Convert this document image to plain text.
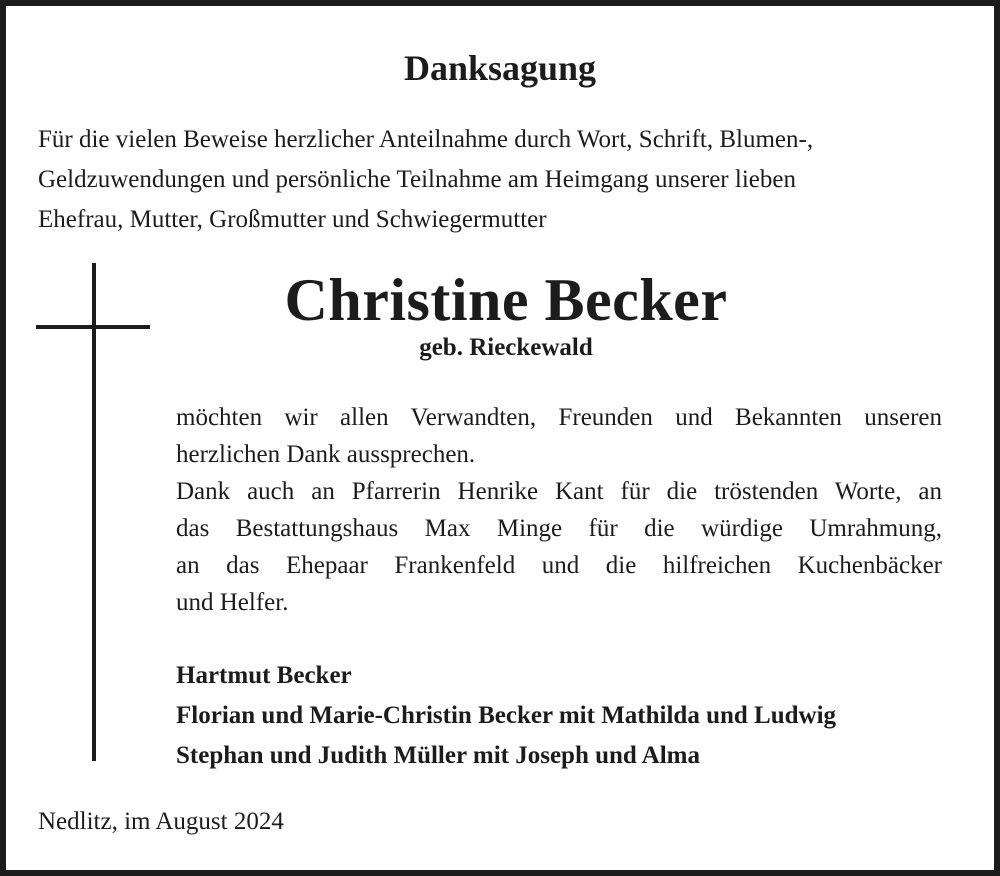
Danksagung
Für die vielen Beweise herzlicher Anteilnahme durch Wort, Schrift, Blumen-,
Geldzuwendungen und persönliche Teilnahme am Heimgang unserer lieben
Ehefrau, Mutter, Großmutter und Schwiegermutter
Christine Becker
geb. Rieckewald
möchten wir allen Verwandten, Freunden und Bekannten unseren
herzlichen Dank aussprechen.
Dank auch an Pfarrerin Henrike Kant für die tröstenden Worte, an
das Bestattungshaus Max Minge für die würdige Umrahmung,
an das Ehepaar Frankenfeld und die hilfreichen Kuchenbäcker
und Helfer.
Hartmut Becker
Florian und Marie-Christin Becker mit Mathilda und Ludwig
Stephan und Judith Müller mit Joseph und Alma
Nedlitz, im August 2024
